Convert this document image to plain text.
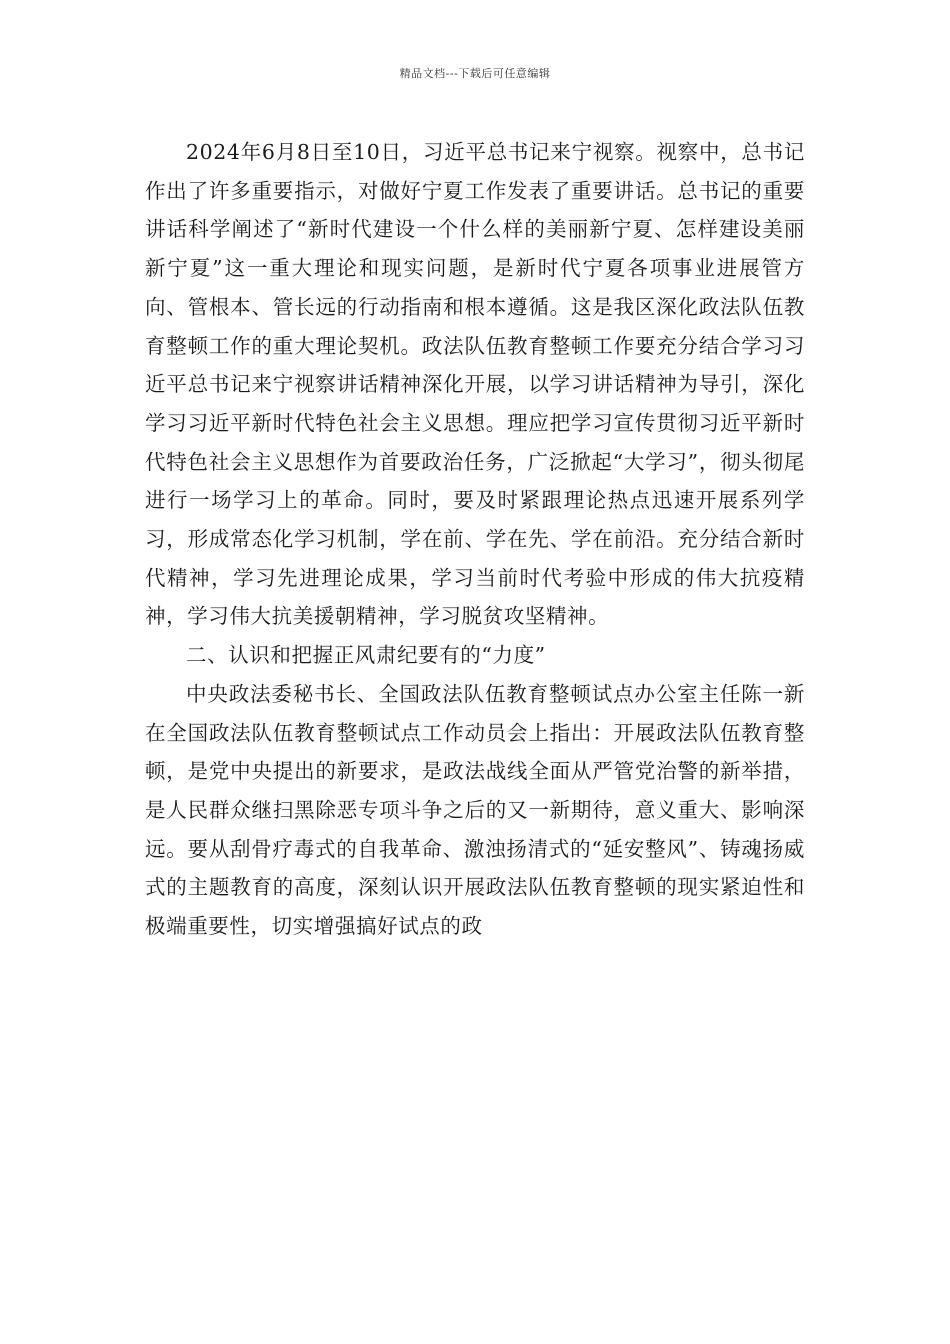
精品文档---下载后可任意编辑

2024年6月8日至10日，习近平总书记来宁视察。视察中，总书记作出了许多重要指示，对做好宁夏工作发表了重要讲话。总书记的重要讲话科学阐述了“新时代建设一个什么样的美丽新宁夏、怎样建设美丽新宁夏”这一重大理论和现实问题，是新时代宁夏各项事业进展管方向、管根本、管长远的行动指南和根本遵循。这是我区深化政法队伍教育整顿工作的重大理论契机。政法队伍教育整顿工作要充分结合学习习近平总书记来宁视察讲话精神深化开展，以学习讲话精神为导引，深化学习习近平新时代特色社会主义思想。理应把学习宣传贯彻习近平新时代特色社会主义思想作为首要政治任务，广泛掀起“大学习”，彻头彻尾进行一场学习上的革命。同时，要及时紧跟理论热点迅速开展系列学习，形成常态化学习机制，学在前、学在先、学在前沿。充分结合新时代精神，学习先进理论成果，学习当前时代考验中形成的伟大抗疫精神，学习伟大抗美援朝精神，学习脱贫攻坚精神。

二、认识和把握正风肃纪要有的“力度”

中央政法委秘书长、全国政法队伍教育整顿试点办公室主任陈一新在全国政法队伍教育整顿试点工作动员会上指出：开展政法队伍教育整顿，是党中央提出的新要求，是政法战线全面从严管党治警的新举措，是人民群众继扫黑除恶专项斗争之后的又一新期待，意义重大、影响深远。要从刮骨疗毒式的自我革命、激浊扬清式的“延安整风”、铸魂扬威式的主题教育的高度，深刻认识开展政法队伍教育整顿的现实紧迫性和极端重要性，切实增强搞好试点的政
